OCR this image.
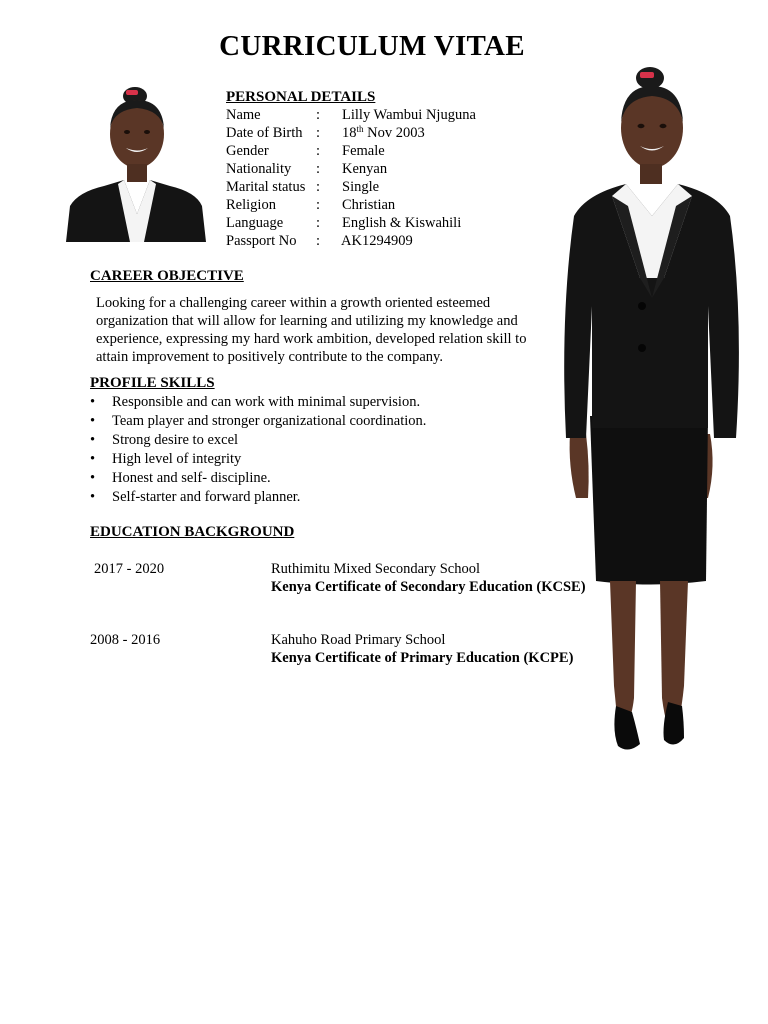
CURRICULUM VITAE
PERSONAL DETAILS
Name	: Lilly Wambui Njuguna
Date of Birth : 18th Nov 2003
Gender	: Female
Nationality : Kenyan
Marital status : Single
Religion	: Christian
Language : English & Kiswahili
Passport No : AK1294909
CAREER OBJECTIVE
Looking for a challenging career within a growth oriented esteemed organization that will allow for learning and utilizing my knowledge and experience, expressing my hard work ambition, developed relation skill to attain improvement to positively contribute to the company.
PROFILE SKILLS
• Responsible and can work with minimal supervision.
• Team player and stronger organizational coordination.
• Strong desire to excel
• High level of integrity
• Honest and self- discipline.
• Self-starter and forward planner.
EDUCATION BACKGROUND
2017 - 2020	Ruthimitu Mixed Secondary School
Kenya Certificate of Secondary Education (KCSE)
2008 - 2016	Kahuho Road Primary School
Kenya Certificate of Primary Education (KCPE)
